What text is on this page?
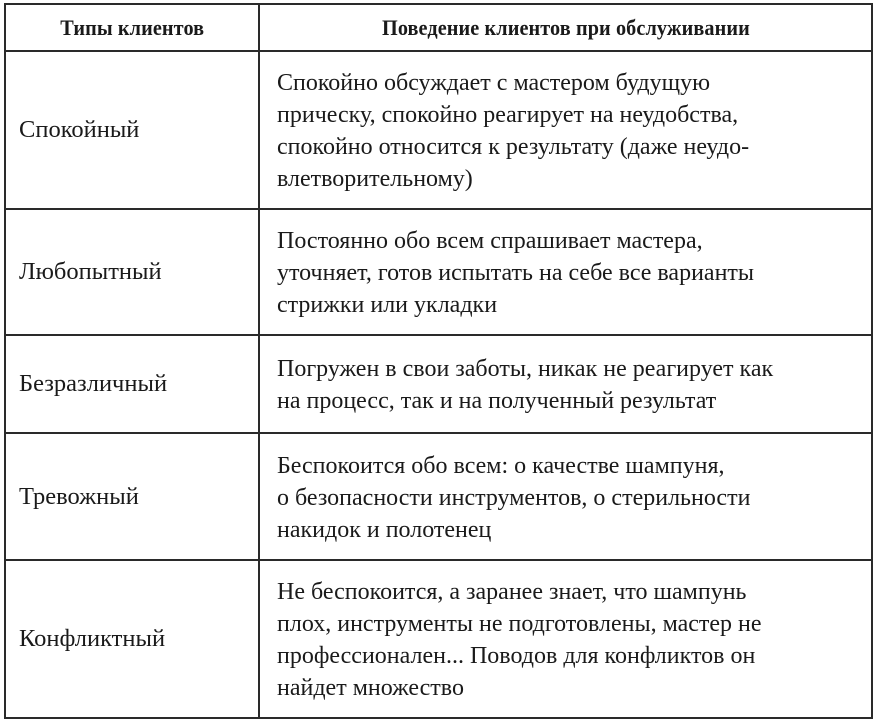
Типы клиентов	Поведение клиентов при обслуживании
Спокойный	Спокойно обсуждает с мастером будущую
прическу, спокойно реагирует на неудобства,
спокойно относится к результату (даже неудо-
влетворительному)

Любопытный	Постоянно обо всем спрашивает мастера,
уточняет, готов испытать на себе все варианты
стрижки или укладки

Безразличный	Погружен в свои заботы, никак не реагирует как
на процесс, так и на полученный результат

Тревожный	Беспокоится обо всем: о качестве шампуня,
о безопасности инструментов, о стерильности
накидок и полотенец

Конфликтный	Не беспокоится, а заранее знает, что шампунь
плох, инструменты не подготовлены, мастер не
профессионален... Поводов для конфликтов он
найдет множество
